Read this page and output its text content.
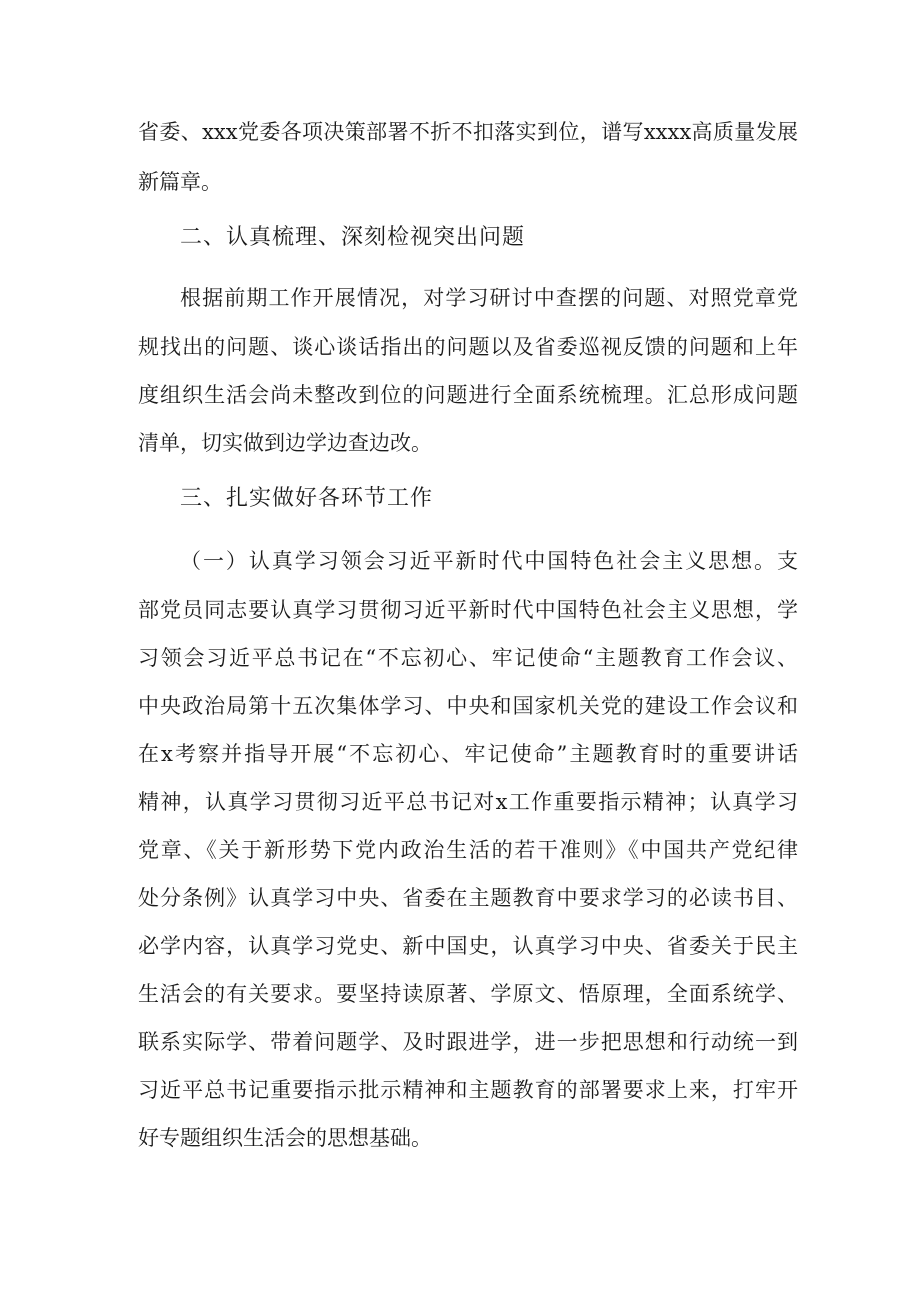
省委、xxx党委各项决策部署不折不扣落实到位，谱写xxxx高质量发展
新篇章。
二、认真梳理、深刻检视突出问题
根据前期工作开展情况，对学习研讨中查摆的问题、对照党章党
规找出的问题、谈心谈话指出的问题以及省委巡视反馈的问题和上年
度组织生活会尚未整改到位的问题进行全面系统梳理。汇总形成问题
清单，切实做到边学边查边改。
三、扎实做好各环节工作
（一）认真学习领会习近平新时代中国特色社会主义思想。支
部党员同志要认真学习贯彻习近平新时代中国特色社会主义思想，学
习领会习近平总书记在“不忘初心、牢记使命“主题教育工作会议、
中央政治局第十五次集体学习、中央和国家机关党的建设工作会议和
在x考察并指导开展“不忘初心、牢记使命”主题教育时的重要讲话
精神，认真学习贯彻习近平总书记对x工作重要指示精神；认真学习
党章、《关于新形势下党内政治生活的若干准则》《中国共产党纪律
处分条例》认真学习中央、省委在主题教育中要求学习的必读书目、
必学内容，认真学习党史、新中国史，认真学习中央、省委关于民主
生活会的有关要求。要坚持读原著、学原文、悟原理，全面系统学、
联系实际学、带着问题学、及时跟进学，进一步把思想和行动统一到
习近平总书记重要指示批示精神和主题教育的部署要求上来，打牢开
好专题组织生活会的思想基础。
